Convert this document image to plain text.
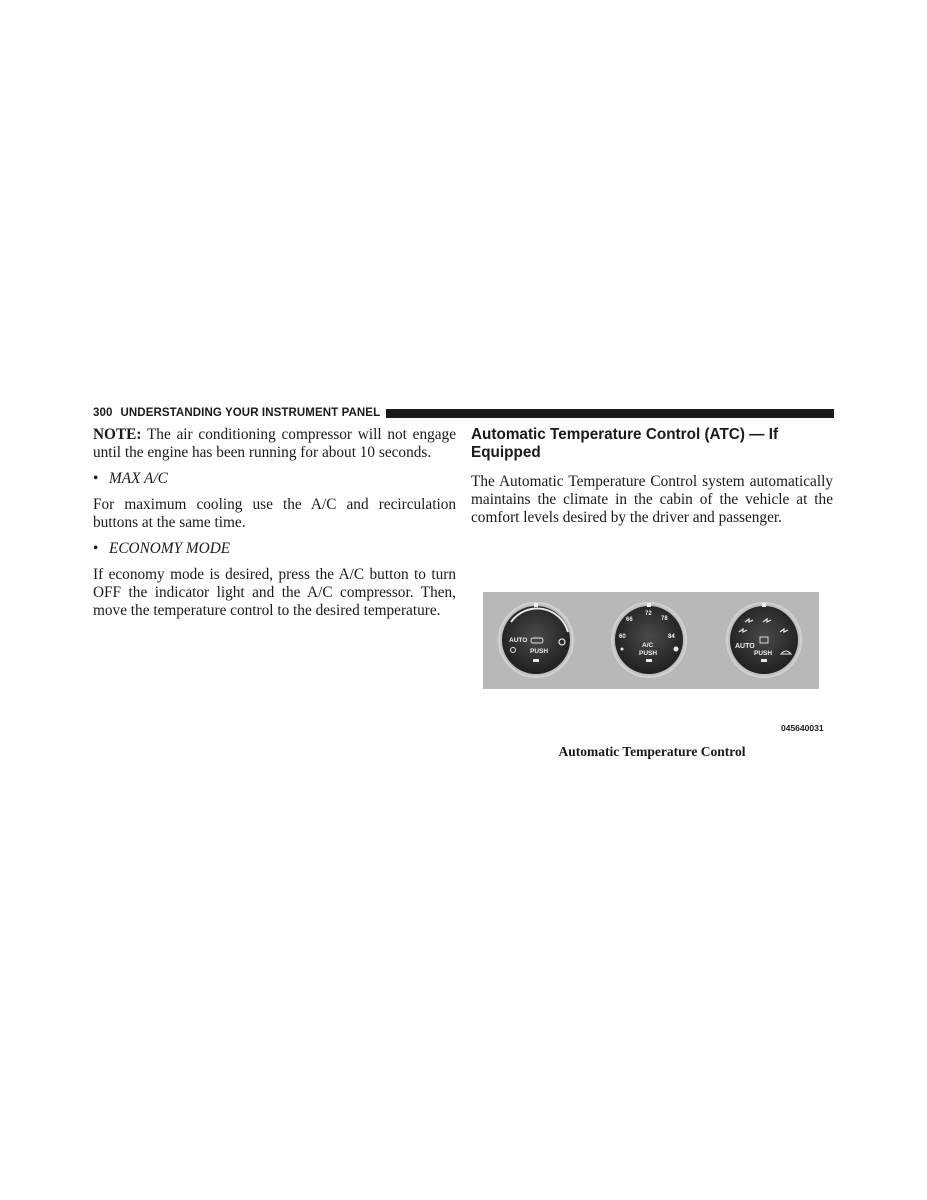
300 UNDERSTANDING YOUR INSTRUMENT PANEL

NOTE: The air conditioning compressor will not engage until the engine has been running for about 10 seconds.

• MAX A/C

For maximum cooling use the A/C and recirculation buttons at the same time.

• ECONOMY MODE

If economy mode is desired, press the A/C button to turn OFF the indicator light and the A/C compressor. Then, move the temperature control to the desired temperature.

Automatic Temperature Control (ATC) — If Equipped

The Automatic Temperature Control system automatically maintains the climate in the cabin of the vehicle at the comfort levels desired by the driver and passenger.

AUTO
PUSH
60
66
72
78
84
A/C
PUSH
AUTO
PUSH
045640031
Automatic Temperature Control
